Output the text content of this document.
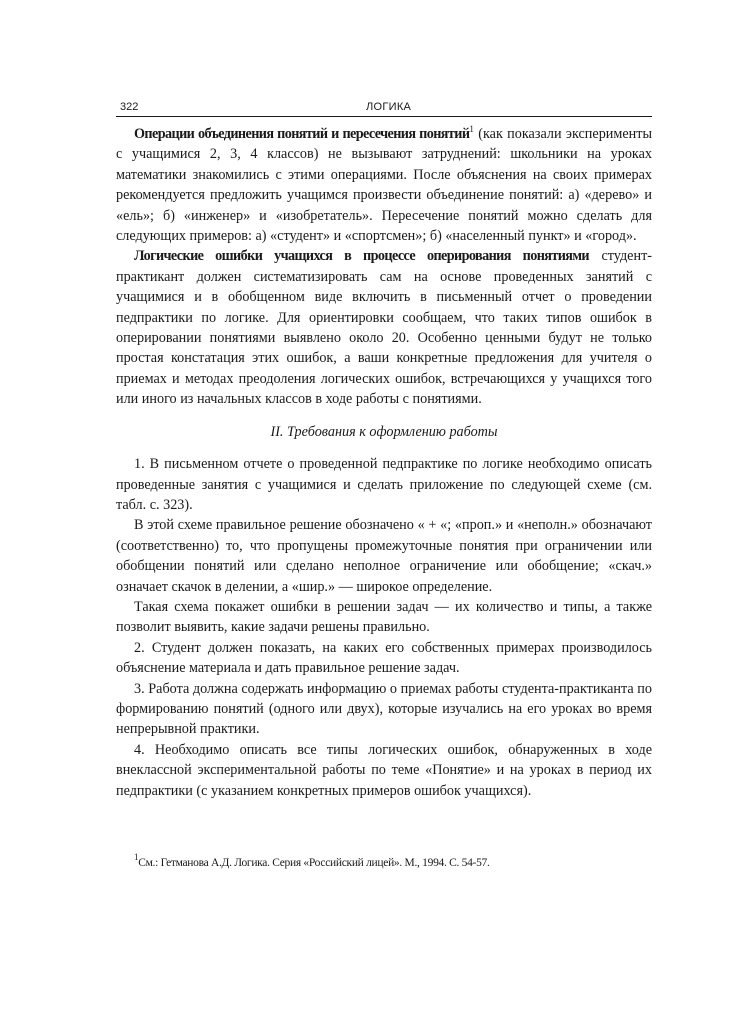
322	ЛОГИКА

Операции объединения понятий и пересечения понятий$^1$ (как показали эксперименты с учащимися 2, 3, 4 классов) не вызывают затруднений: школьники на уроках математики знакомились с этими операциями. После объяснения на своих примерах рекомендуется предложить учащимся произвести объединение понятий: а) «дерево» и «ель»; б) «инженер» и «изобретатель». Пересечение понятий можно сделать для следующих примеров: а) «студент» и «спортсмен»; б) «населенный пункт» и «город».

Логические ошибки учащихся в процессе оперирования понятиями студент-практикант должен систематизировать сам на основе проведенных занятий с учащимися и в обобщенном виде включить в письменный отчет о проведении педпрактики по логике. Для ориентировки сообщаем, что таких типов ошибок в оперировании понятиями выявлено около 20. Особенно ценными будут не только простая констатация этих ошибок, а ваши конкретные предложения для учителя о приемах и методах преодоления логических ошибок, встречающихся у учащихся того или иного из начальных классов в ходе работы с понятиями.

II. Требования к оформлению работы

1. В письменном отчете о проведенной педпрактике по логике необходимо описать проведенные занятия с учащимися и сделать приложение по следующей схеме (см. табл. с. 323).

В этой схеме правильное решение обозначено « + «; «проп.» и «неполн.» обозначают (соответственно) то, что пропущены промежуточные понятия при ограничении или обобщении понятий или сделано неполное ограничение или обобщение; «скач.» означает скачок в делении, а «шир.» — широкое определение.

Такая схема покажет ошибки в решении задач — их количество и типы, а также позволит выявить, какие задачи решены правильно.

2. Студент должен показать, на каких его собственных примерах производилось объяснение материала и дать правильное решение задач.

3. Работа должна содержать информацию о приемах работы студента-практиканта по формированию понятий (одного или двух), которые изучались на его уроках во время непрерывной практики.

4. Необходимо описать все типы логических ошибок, обнаруженных в ходе внеклассной экспериментальной работы по теме «Понятие» и на уроках в период их педпрактики (с указанием конкретных примеров ошибок учащихся).

$^1$См.: Гетманова А.Д. Логика. Серия «Российский лицей». М., 1994. С. 54-57.
